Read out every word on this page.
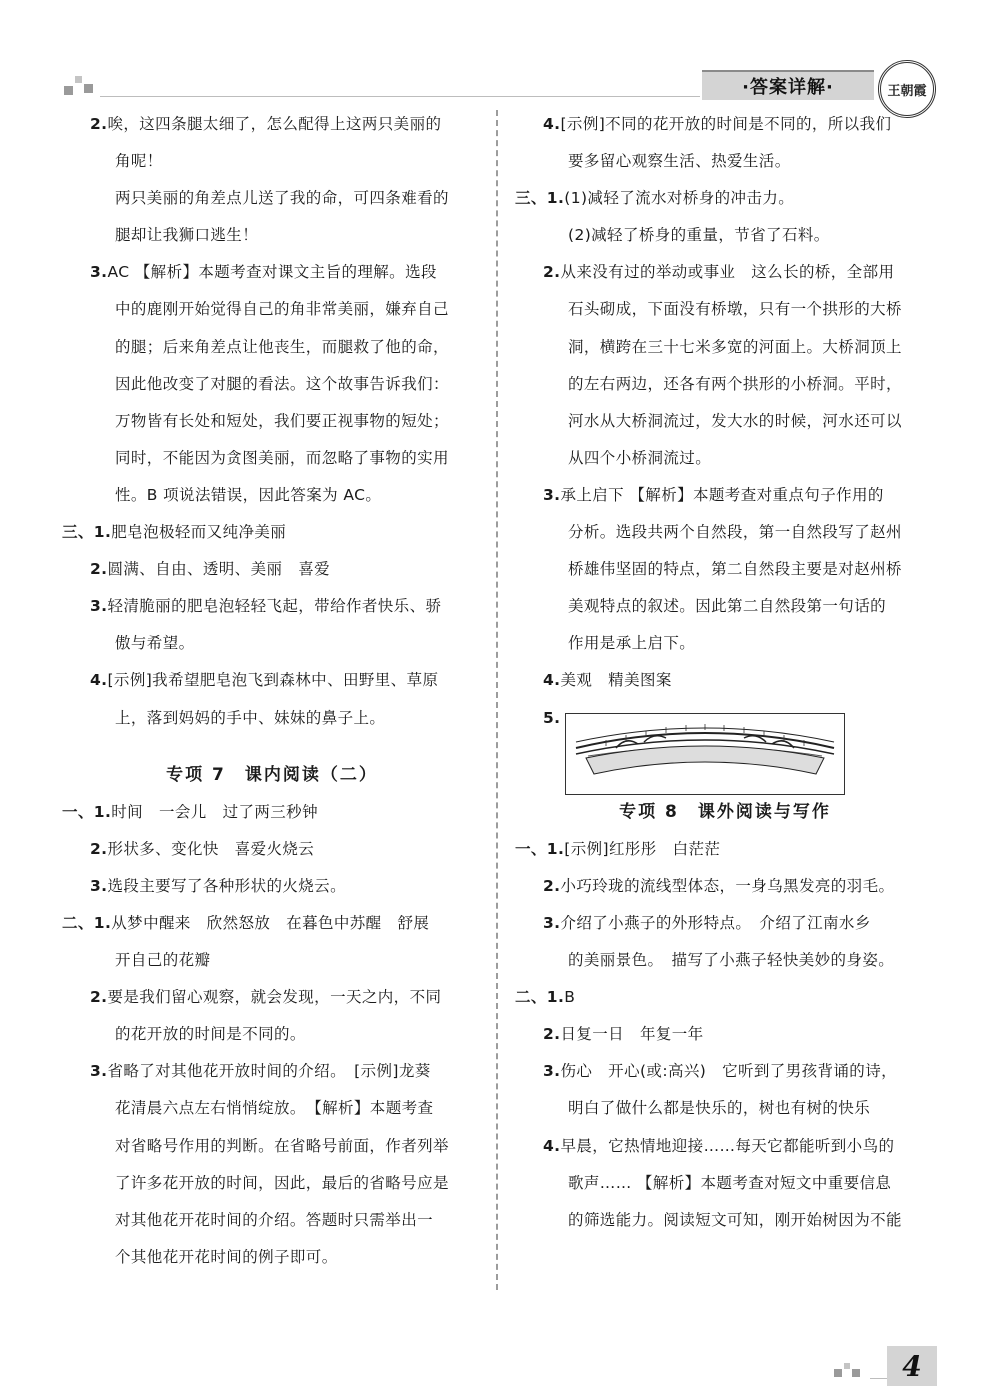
·答案详解·	王朝霞
2.唉，这四条腿太细了，怎么配得上这两只美丽的
角呢！
两只美丽的角差点儿送了我的命，可四条难看的
腿却让我狮口逃生！
3.AC 【解析】本题考查对课文主旨的理解。选段
中的鹿刚开始觉得自己的角非常美丽，嫌弃自己
的腿；后来角差点让他丧生，而腿救了他的命，
因此他改变了对腿的看法。这个故事告诉我们：
万物皆有长处和短处，我们要正视事物的短处；
同时，不能因为贪图美丽，而忽略了事物的实用
性。B 项说法错误，因此答案为 AC。
三、1.肥皂泡极轻而又纯净美丽
2.圆满、自由、透明、美丽　喜爱
3.轻清脆丽的肥皂泡轻轻飞起，带给作者快乐、骄
傲与希望。
4.[示例]我希望肥皂泡飞到森林中、田野里、草原
上，落到妈妈的手中、妹妹的鼻子上。
专项 7　课内阅读（二）
一、1.时间　一会儿　过了两三秒钟
2.形状多、变化快　喜爱火烧云
3.选段主要写了各种形状的火烧云。
二、1.从梦中醒来　欣然怒放　在暮色中苏醒　舒展
开自己的花瓣
2.要是我们留心观察，就会发现，一天之内，不同
的花开放的时间是不同的。
3.省略了对其他花开放时间的介绍。　[示例]龙葵
花清晨六点左右悄悄绽放。　【解析】本题考查
对省略号作用的判断。在省略号前面，作者列举
了许多花开放的时间，因此，最后的省略号应是
对其他花开花时间的介绍。答题时只需举出一
个其他花开花时间的例子即可。
4.[示例]不同的花开放的时间是不同的，所以我们
要多留心观察生活、热爱生活。
三、1.(1)减轻了流水对桥身的冲击力。
(2)减轻了桥身的重量，节省了石料。
2.从来没有过的举动或事业　这么长的桥，全部用
石头砌成，下面没有桥墩，只有一个拱形的大桥
洞，横跨在三十七米多宽的河面上。大桥洞顶上
的左右两边，还各有两个拱形的小桥洞。平时，
河水从大桥洞流过，发大水的时候，河水还可以
从四个小桥洞流过。
3.承上启下 【解析】本题考查对重点句子作用的
分析。选段共两个自然段，第一自然段写了赵州
桥雄伟坚固的特点，第二自然段主要是对赵州桥
美观特点的叙述。因此第二自然段第一句话的
作用是承上启下。
4.美观　精美图案
5.
专项 8　课外阅读与写作
一、1.[示例]红彤彤　白茫茫
2.小巧玲珑的流线型体态，一身乌黑发亮的羽毛。
3.介绍了小燕子的外形特点。　介绍了江南水乡
的美丽景色。　描写了小燕子轻快美妙的身姿。
二、1.B
2.日复一日　年复一年
3.伤心　开心(或:高兴)　它听到了男孩背诵的诗，
明白了做什么都是快乐的，树也有树的快乐
4.早晨，它热情地迎接……每天它都能听到小鸟的
歌声…… 【解析】本题考查对短文中重要信息
的筛选能力。阅读短文可知，刚开始树因为不能
4
